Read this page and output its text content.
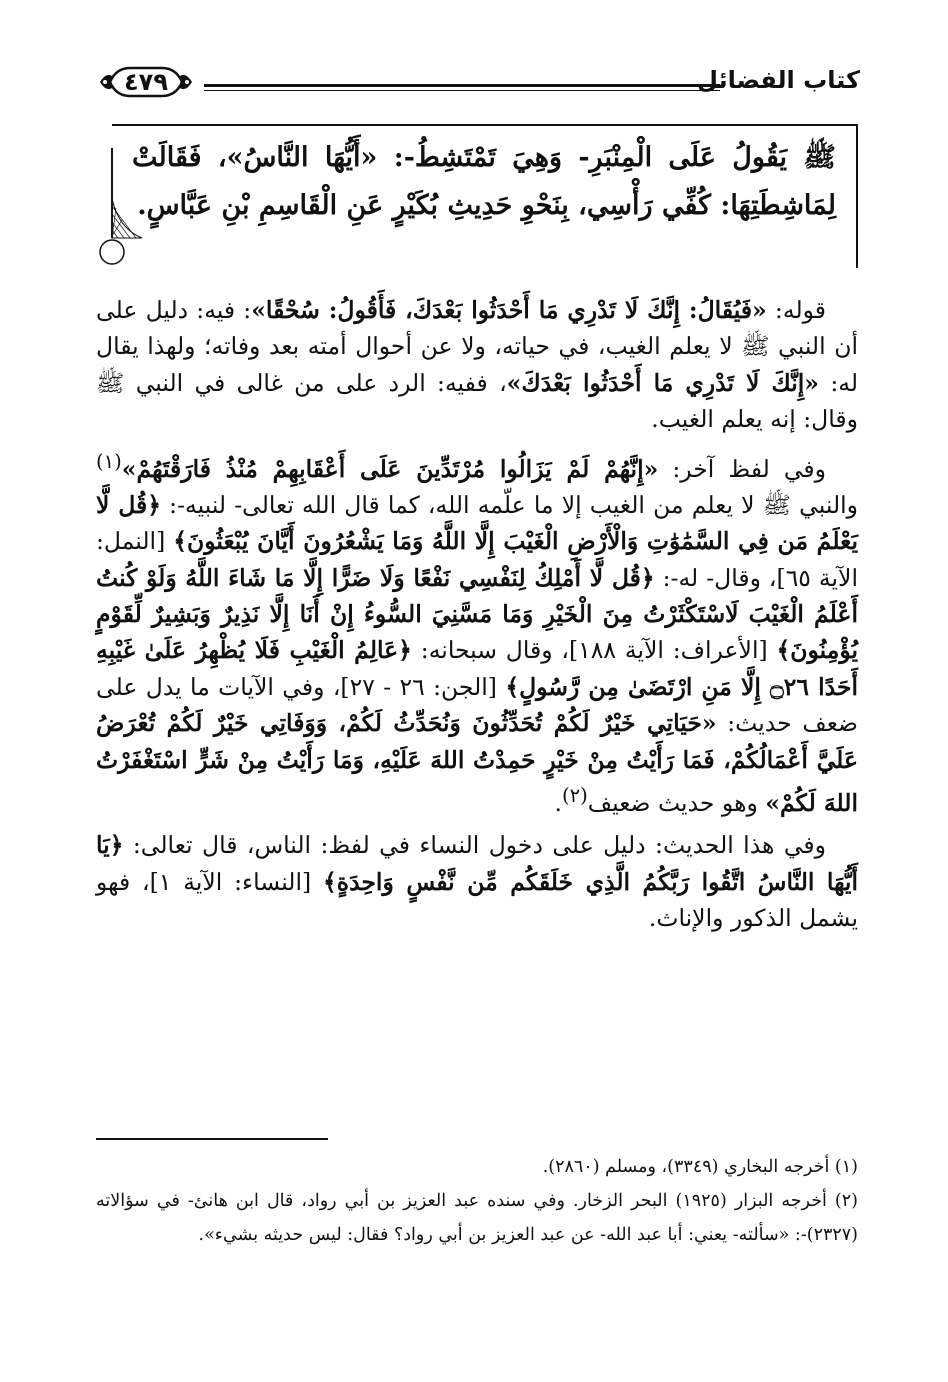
كتاب الفضائل
٤٧٩
ﷺ يَقُولُ عَلَى الْمِنْبَرِ- وَهِيَ تَمْتَشِطُ-: «أَيُّهَا النَّاسُ»، فَقَالَتْ لِمَاشِطَتِهَا: كُفِّي رَأْسِي، بِنَحْوِ حَدِيثِ بُكَيْرٍ عَنِ الْقَاسِمِ بْنِ عَبَّاسٍ.

قوله: «فَيُقَالُ: إِنَّكَ لَا تَدْرِي مَا أَحْدَثُوا بَعْدَكَ، فَأَقُولُ: سُحْقًا»: فيه: دليل على أن النبي ﷺ لا يعلم الغيب، في حياته، ولا عن أحوال أمته بعد وفاته؛ ولهذا يقال له: «إِنَّكَ لَا تَدْرِي مَا أَحْدَثُوا بَعْدَكَ»، ففيه: الرد على من غالى في النبي ﷺ وقال: إنه يعلم الغيب.

وفي لفظ آخر: «إِنَّهُمْ لَمْ يَزَالُوا مُرْتَدِّينَ عَلَى أَعْقَابِهِمْ مُنْذُ فَارَقْتَهُمْ»$^{(١)}$ والنبي ﷺ لا يعلم من الغيب إلا ما علّمه الله، كما قال الله تعالى- لنبيه-: ﴿قُل لَّا يَعْلَمُ مَن فِي السَّمَٰوَٰتِ وَالْأَرْضِ الْغَيْبَ إِلَّا اللَّهُ وَمَا يَشْعُرُونَ أَيَّانَ يُبْعَثُونَ﴾ [النمل: الآية ٦٥]، وقال- له-: ﴿قُل لَّا أَمْلِكُ لِنَفْسِي نَفْعًا وَلَا ضَرًّا إِلَّا مَا شَاءَ اللَّهُ وَلَوْ كُنتُ أَعْلَمُ الْغَيْبَ لَاسْتَكْثَرْتُ مِنَ الْخَيْرِ وَمَا مَسَّنِيَ السُّوءُ إِنْ أَنَا إِلَّا نَذِيرٌ وَبَشِيرٌ لِّقَوْمٍ يُؤْمِنُونَ﴾ [الأعراف: الآية ١٨٨]، وقال سبحانه: ﴿عَالِمُ الْغَيْبِ فَلَا يُظْهِرُ عَلَىٰ غَيْبِهِ أَحَدًا ۝٢٦ إِلَّا مَنِ ارْتَضَىٰ مِن رَّسُولٍ﴾ [الجن: ٢٦ - ٢٧]، وفي الآيات ما يدل على ضعف حديث: «حَيَاتِي خَيْرٌ لَكُمْ تُحَدِّثُونَ وَنُحَدِّثُ لَكُمْ، وَوَفَاتِي خَيْرٌ لَكُمْ تُعْرَضُ عَلَيَّ أَعْمَالُكُمْ، فَمَا رَأَيْتُ مِنْ خَيْرٍ حَمِدْتُ اللهَ عَلَيْهِ، وَمَا رَأَيْتُ مِنْ شَرٍّ اسْتَغْفَرْتُ اللهَ لَكُمْ» وهو حديث ضعيف$^{(٢)}$.

وفي هذا الحديث: دليل على دخول النساء في لفظ: الناس، قال تعالى: ﴿يَا أَيُّهَا النَّاسُ اتَّقُوا رَبَّكُمُ الَّذِي خَلَقَكُم مِّن نَّفْسٍ وَاحِدَةٍ﴾ [النساء: الآية ١]، فهو يشمل الذكور والإناث.

(١) أخرجه البخاري (٣٣٤٩)، ومسلم (٢٨٦٠).

(٢) أخرجه البزار (١٩٢٥) البحر الزخار. وفي سنده عبد العزيز بن أبي رواد، قال ابن هانئ- في سؤالاته (٢٣٢٧)-: «سألته- يعني: أبا عبد الله- عن عبد العزيز بن أبي رواد؟ فقال: ليس حديثه بشيء».
